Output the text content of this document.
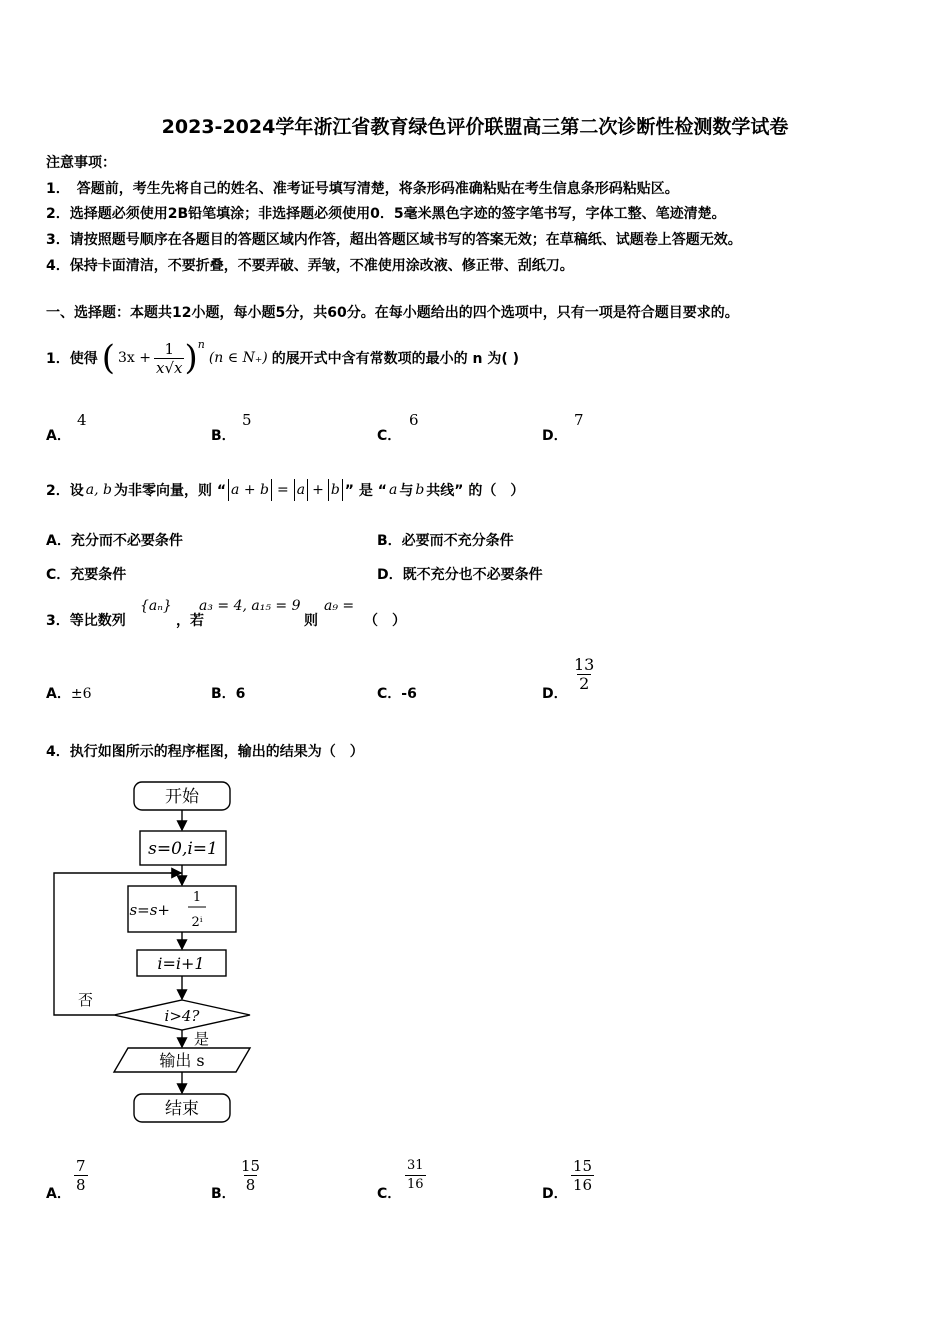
2023-2024学年浙江省教育绿色评价联盟高三第二次诊断性检测数学试卷
注意事项：
1．　答题前，考生先将自己的姓名、准考证号填写清楚，将条形码准确粘贴在考生信息条形码粘贴区。
2．选择题必须使用2B铅笔填涂；非选择题必须使用0．5毫米黑色字迹的签字笔书写，字体工整、笔迹清楚。
3．请按照题号顺序在各题目的答题区域内作答，超出答题区域书写的答案无效；在草稿纸、试题卷上答题无效。
4．保持卡面清洁，不要折叠，不要弄破、弄皱，不准使用涂改液、修正带、刮纸刀。
一、选择题：本题共12小题，每小题5分，共60分。在每小题给出的四个选项中，只有一项是符合题目要求的。
1．使得 ( $3x + \frac{1}{x√x}$ ) n
(n ∈ N₊) 的展开式中含有常数项的最小的 n 为( )
A．
4
B．
5
C．
6
D．
7
2．设 a, b 为非零向量，则 “ a + b = a + b ” 是 “ a 与 b 共线” 的（　）
A．充分而不必要条件	B．必要而不充分条件
C．充要条件	D．既不充分也不必要条件
3．等比数列
{aₙ}
，若
a₃ = 4, a₁₅ = 9
则
a₉ =
（　）
A．±6	B．6	C．-6	D．
$\frac{13}{2}$
4．执行如图所示的程序框图，输出的结果为（　）
开始
s=0,i=1
s=s+
1
2ⁱ
i=i+1
i>4?
否
是
输出 s
结束
A． $\frac{7}{8}$	B． $\frac{15}{8}$	C． $\frac{31}{16}$	D． $\frac{15}{16}$
